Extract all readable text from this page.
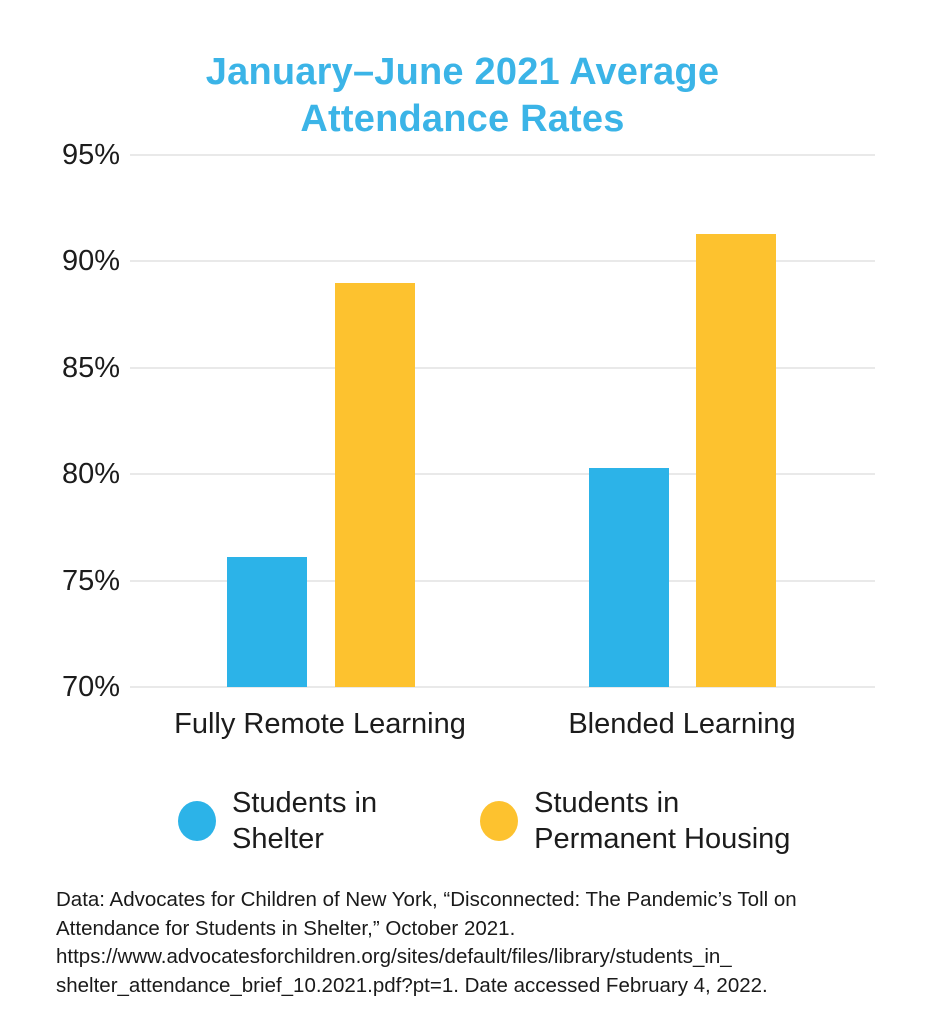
January–June 2021 Average
Attendance Rates
95%
90%
85%
80%
75%
70%
Fully Remote Learning	Blended Learning
Students in
Shelter
Students in
Permanent Housing
Data: Advocates for Children of New York, “Disconnected: The Pandemic’s Toll on
Attendance for Students in Shelter,” October 2021.
https://www.advocatesforchildren.org/sites/default/files/library/students_in_
shelter_attendance_brief_10.2021.pdf?pt=1. Date accessed February 4, 2022.
